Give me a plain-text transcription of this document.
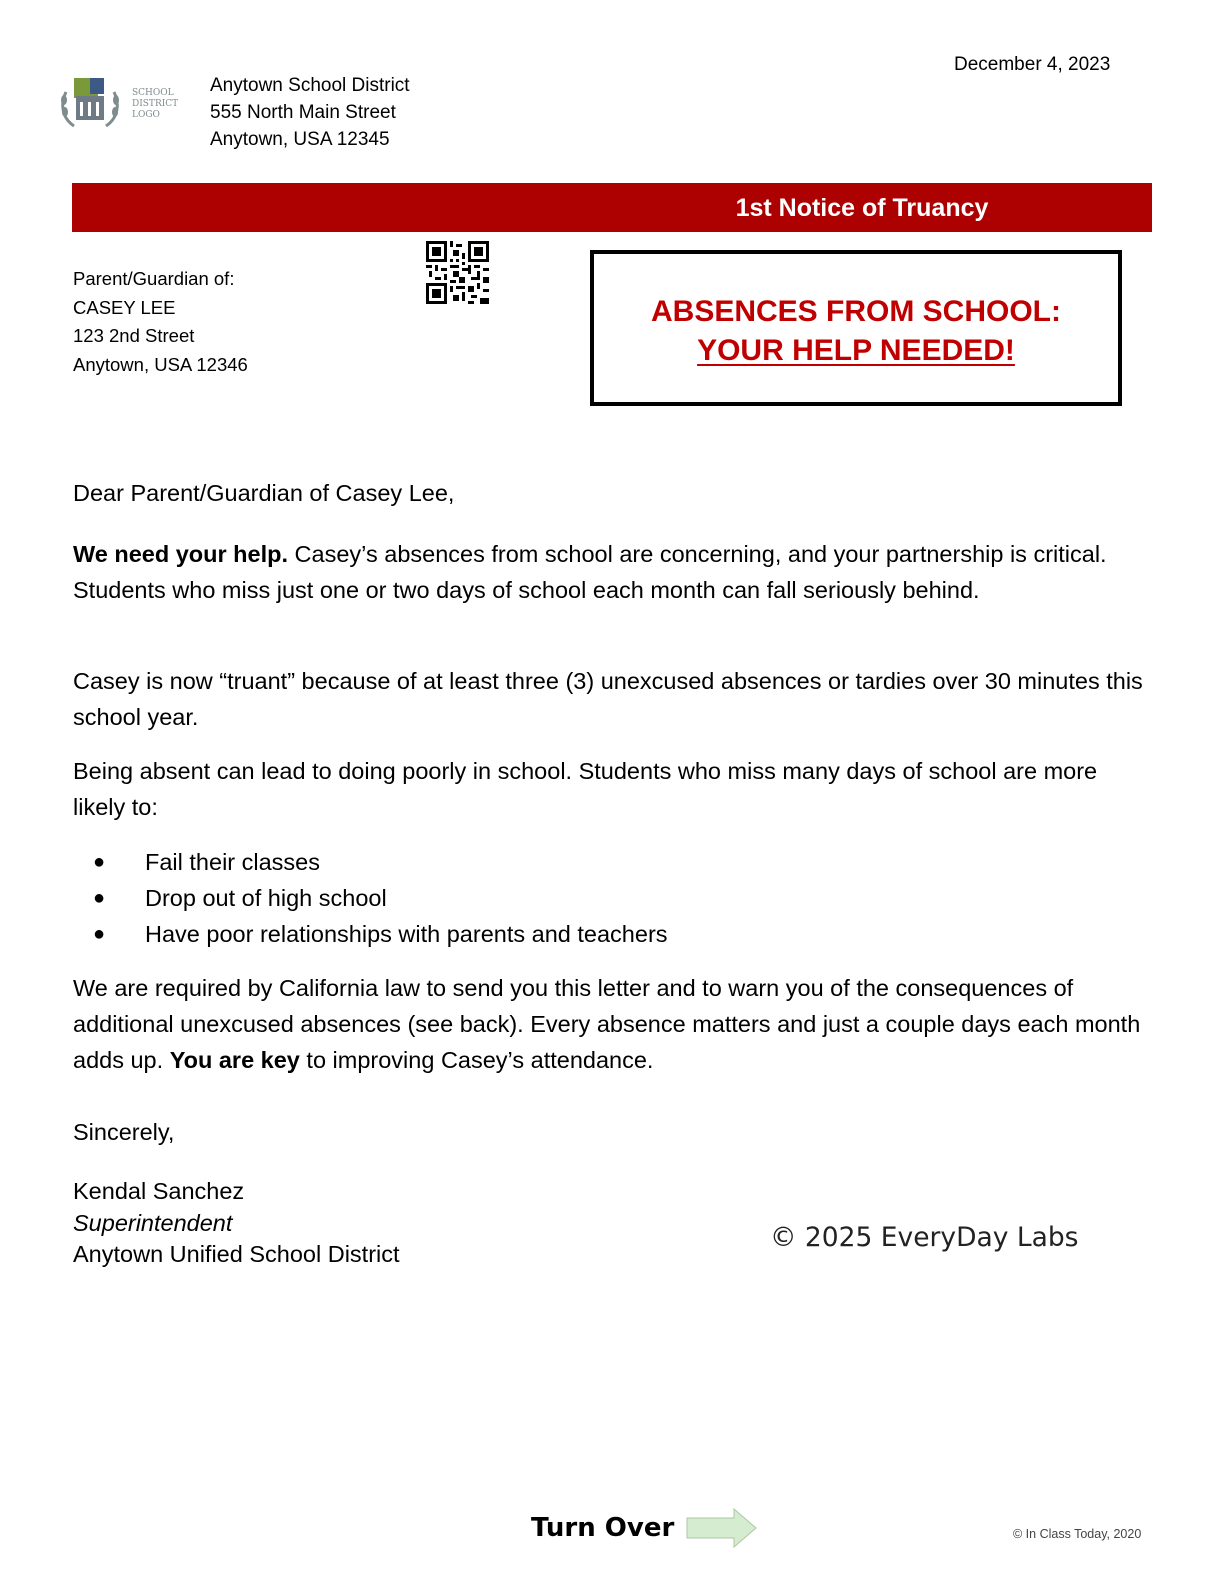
December 4, 2023
SCHOOL
DISTRICT
LOGO
Anytown School District
555 North Main Street
Anytown, USA 12345
1st Notice of Truancy
Parent/Guardian of:
CASEY LEE
123 2nd Street
Anytown, USA 12346
ABSENCES FROM SCHOOL:
YOUR HELP NEEDED!
Dear Parent/Guardian of Casey Lee,
We need your help. Casey’s absences from school are concerning, and your partnership is critical. Students who miss just one or two days of school each month can fall seriously behind.
Casey is now “truant” because of at least three (3) unexcused absences or tardies over 30 minutes this school year.
Being absent can lead to doing poorly in school. Students who miss many days of school are more likely to:
● Fail their classes
● Drop out of high school
● Have poor relationships with parents and teachers
We are required by California law to send you this letter and to warn you of the consequences of additional unexcused absences (see back). Every absence matters and just a couple days each month adds up. You are key to improving Casey’s attendance.
Sincerely,
Kendal Sanchez
Superintendent
Anytown Unified School District
© 2025 EveryDay Labs
Turn Over	© In Class Today, 2020
